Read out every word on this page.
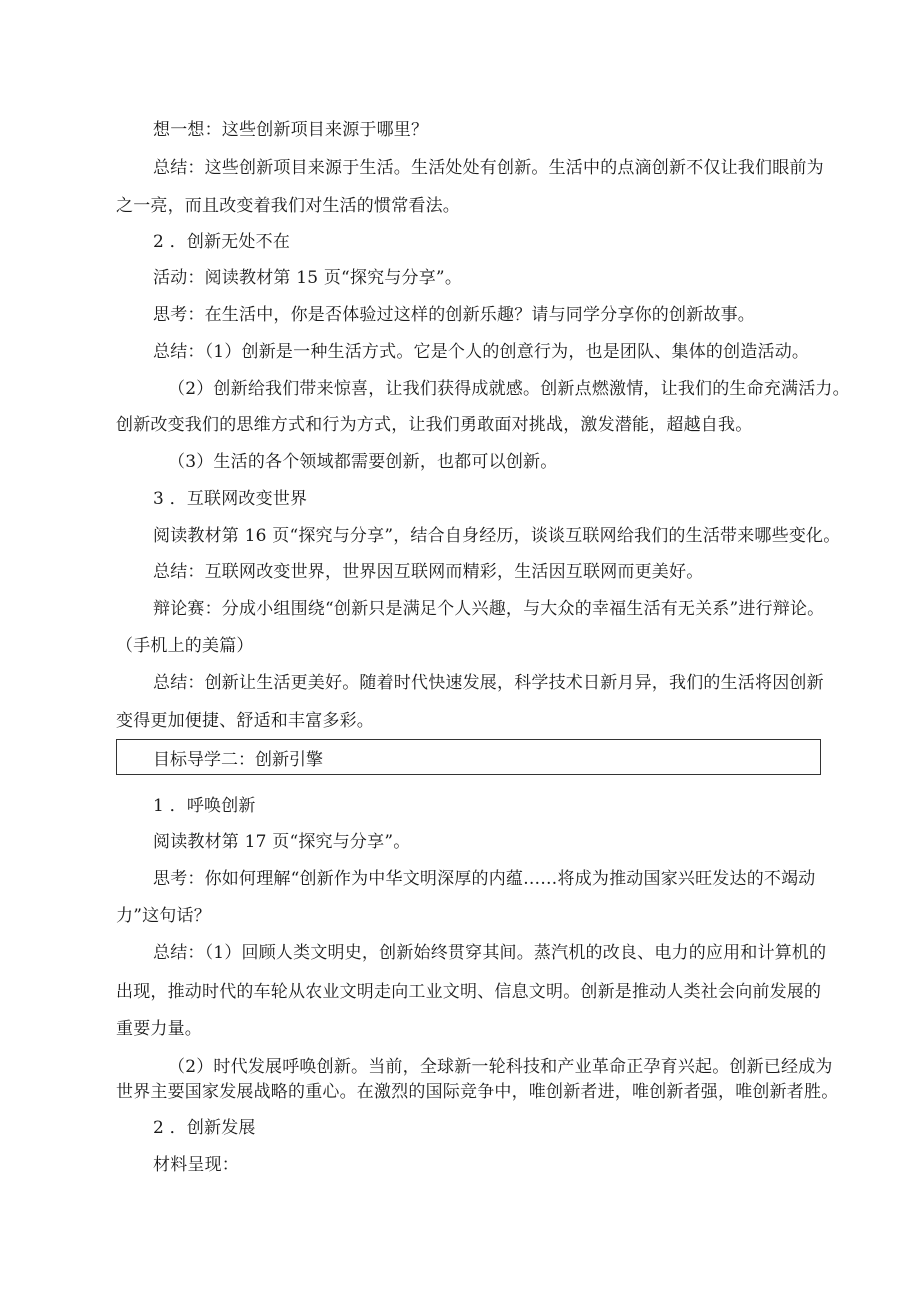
想一想：这些创新项目来源于哪里？
总结：这些创新项目来源于生活。生活处处有创新。生活中的点滴创新不仅让我们眼前为
之一亮，而且改变着我们对生活的惯常看法。
2 ．创新无处不在
活动：阅读教材第 15 页“探究与分享”。
思考：在生活中，你是否体验过这样的创新乐趣？请与同学分享你的创新故事。
总结：（1）创新是一种生活方式。它是个人的创意行为，也是团队、集体的创造活动。
（2）创新给我们带来惊喜，让我们获得成就感。创新点燃激情，让我们的生命充满活力。
创新改变我们的思维方式和行为方式，让我们勇敢面对挑战，激发潜能，超越自我。
（3）生活的各个领域都需要创新，也都可以创新。
3 ．互联网改变世界
阅读教材第 16 页“探究与分享”，结合自身经历，谈谈互联网给我们的生活带来哪些变化。
总结：互联网改变世界，世界因互联网而精彩，生活因互联网而更美好。
辩论赛：分成小组围绕“创新只是满足个人兴趣，与大众的幸福生活有无关系”进行辩论。
（手机上的美篇）
总结：创新让生活更美好。随着时代快速发展，科学技术日新月异，我们的生活将因创新
变得更加便捷、舒适和丰富多彩。
目标导学二：创新引擎
1 ．呼唤创新
阅读教材第 17 页“探究与分享”。
思考：你如何理解“创新作为中华文明深厚的内蕴……将成为推动国家兴旺发达的不竭动
力”这句话？
总结：（1）回顾人类文明史，创新始终贯穿其间。蒸汽机的改良、电力的应用和计算机的
出现，推动时代的车轮从农业文明走向工业文明、信息文明。创新是推动人类社会向前发展的
重要力量。
（2）时代发展呼唤创新。当前，全球新一轮科技和产业革命正孕育兴起。创新已经成为
世界主要国家发展战略的重心。在激烈的国际竞争中，唯创新者进，唯创新者强，唯创新者胜。
2 ．创新发展
材料呈现：
